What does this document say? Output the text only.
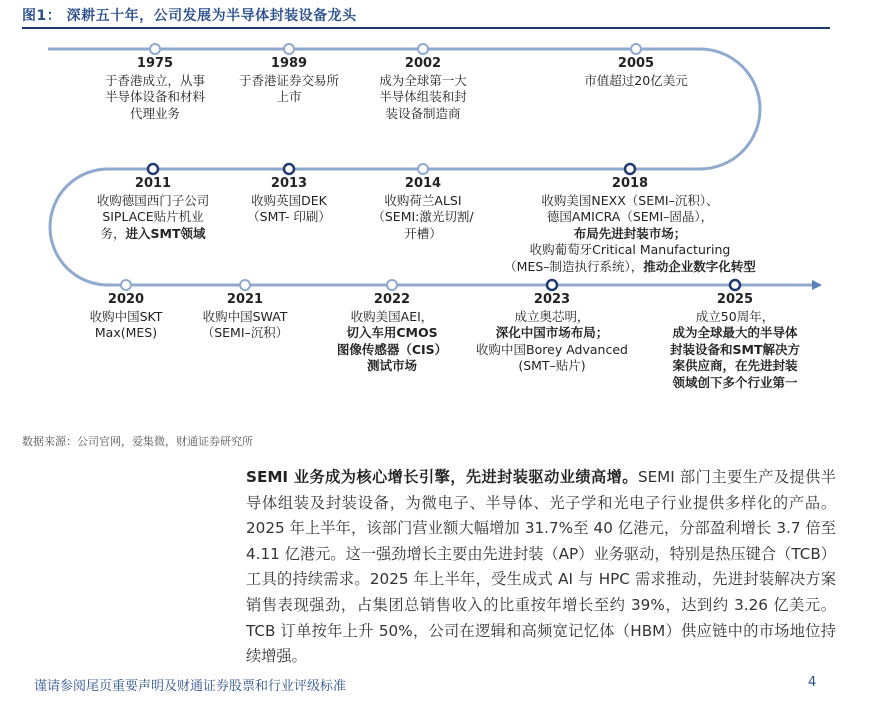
图1： 深耕五十年，公司发展为半导体封装设备龙头
1975
于香港成立，从事
半导体设备和材料
代理业务
1989
于香港证券交易所
上市
2002
成为全球第一大
半导体组装和封
装设备制造商
2005
市值超过20亿美元
2011
收购德国西门子公司
SIPLACE贴片机业
务，进入SMT领域
2013
收购英国DEK
（SMT- 印刷）
2014
收购荷兰ALSI
（SEMI:激光切割/
开槽）
2018
收购美国NEXX（SEMI–沉积）、
德国AMICRA（SEMI–固晶），
布局先进封装市场；
收购葡萄牙Critical Manufacturing
（MES–制造执行系统），推动企业数字化转型
2020
收购中国SKT
Max(MES)
2021
收购中国SWAT
（SEMI–沉积）
2022
收购美国AEI，
切入车用CMOS
图像传感器（CIS）
测试市场
2023
成立奥芯明，
深化中国市场布局；
收购中国Borey Advanced
(SMT–贴片)
2025
成立50周年，
成为全球最大的半导体
封装设备和SMT解决方
案供应商，在先进封装
领域创下多个行业第一
数据来源：公司官网，爱集微，财通证券研究所
SEMI 业务成为核心增长引擎，先进封装驱动业绩高增。SEMI 部门主要生产及提供半导体组装及封装设备，为微电子、半导体、光子学和光电子行业提供多样化的产品。2025 年上半年，该部门营业额大幅增加 31.7%至 40 亿港元，分部盈利增长 3.7 倍至 4.11 亿港元。这一强劲增长主要由先进封装（AP）业务驱动，特别是热压键合（TCB）工具的持续需求。2025 年上半年，受生成式 AI 与 HPC 需求推动，先进封装解决方案销售表现强劲，占集团总销售收入的比重按年增长至约 39%，达到约 3.26 亿美元。TCB 订单按年上升 50%，公司在逻辑和高频宽记忆体（HBM）供应链中的市场地位持续增强。
谨请参阅尾页重要声明及财通证券股票和行业评级标准	4
